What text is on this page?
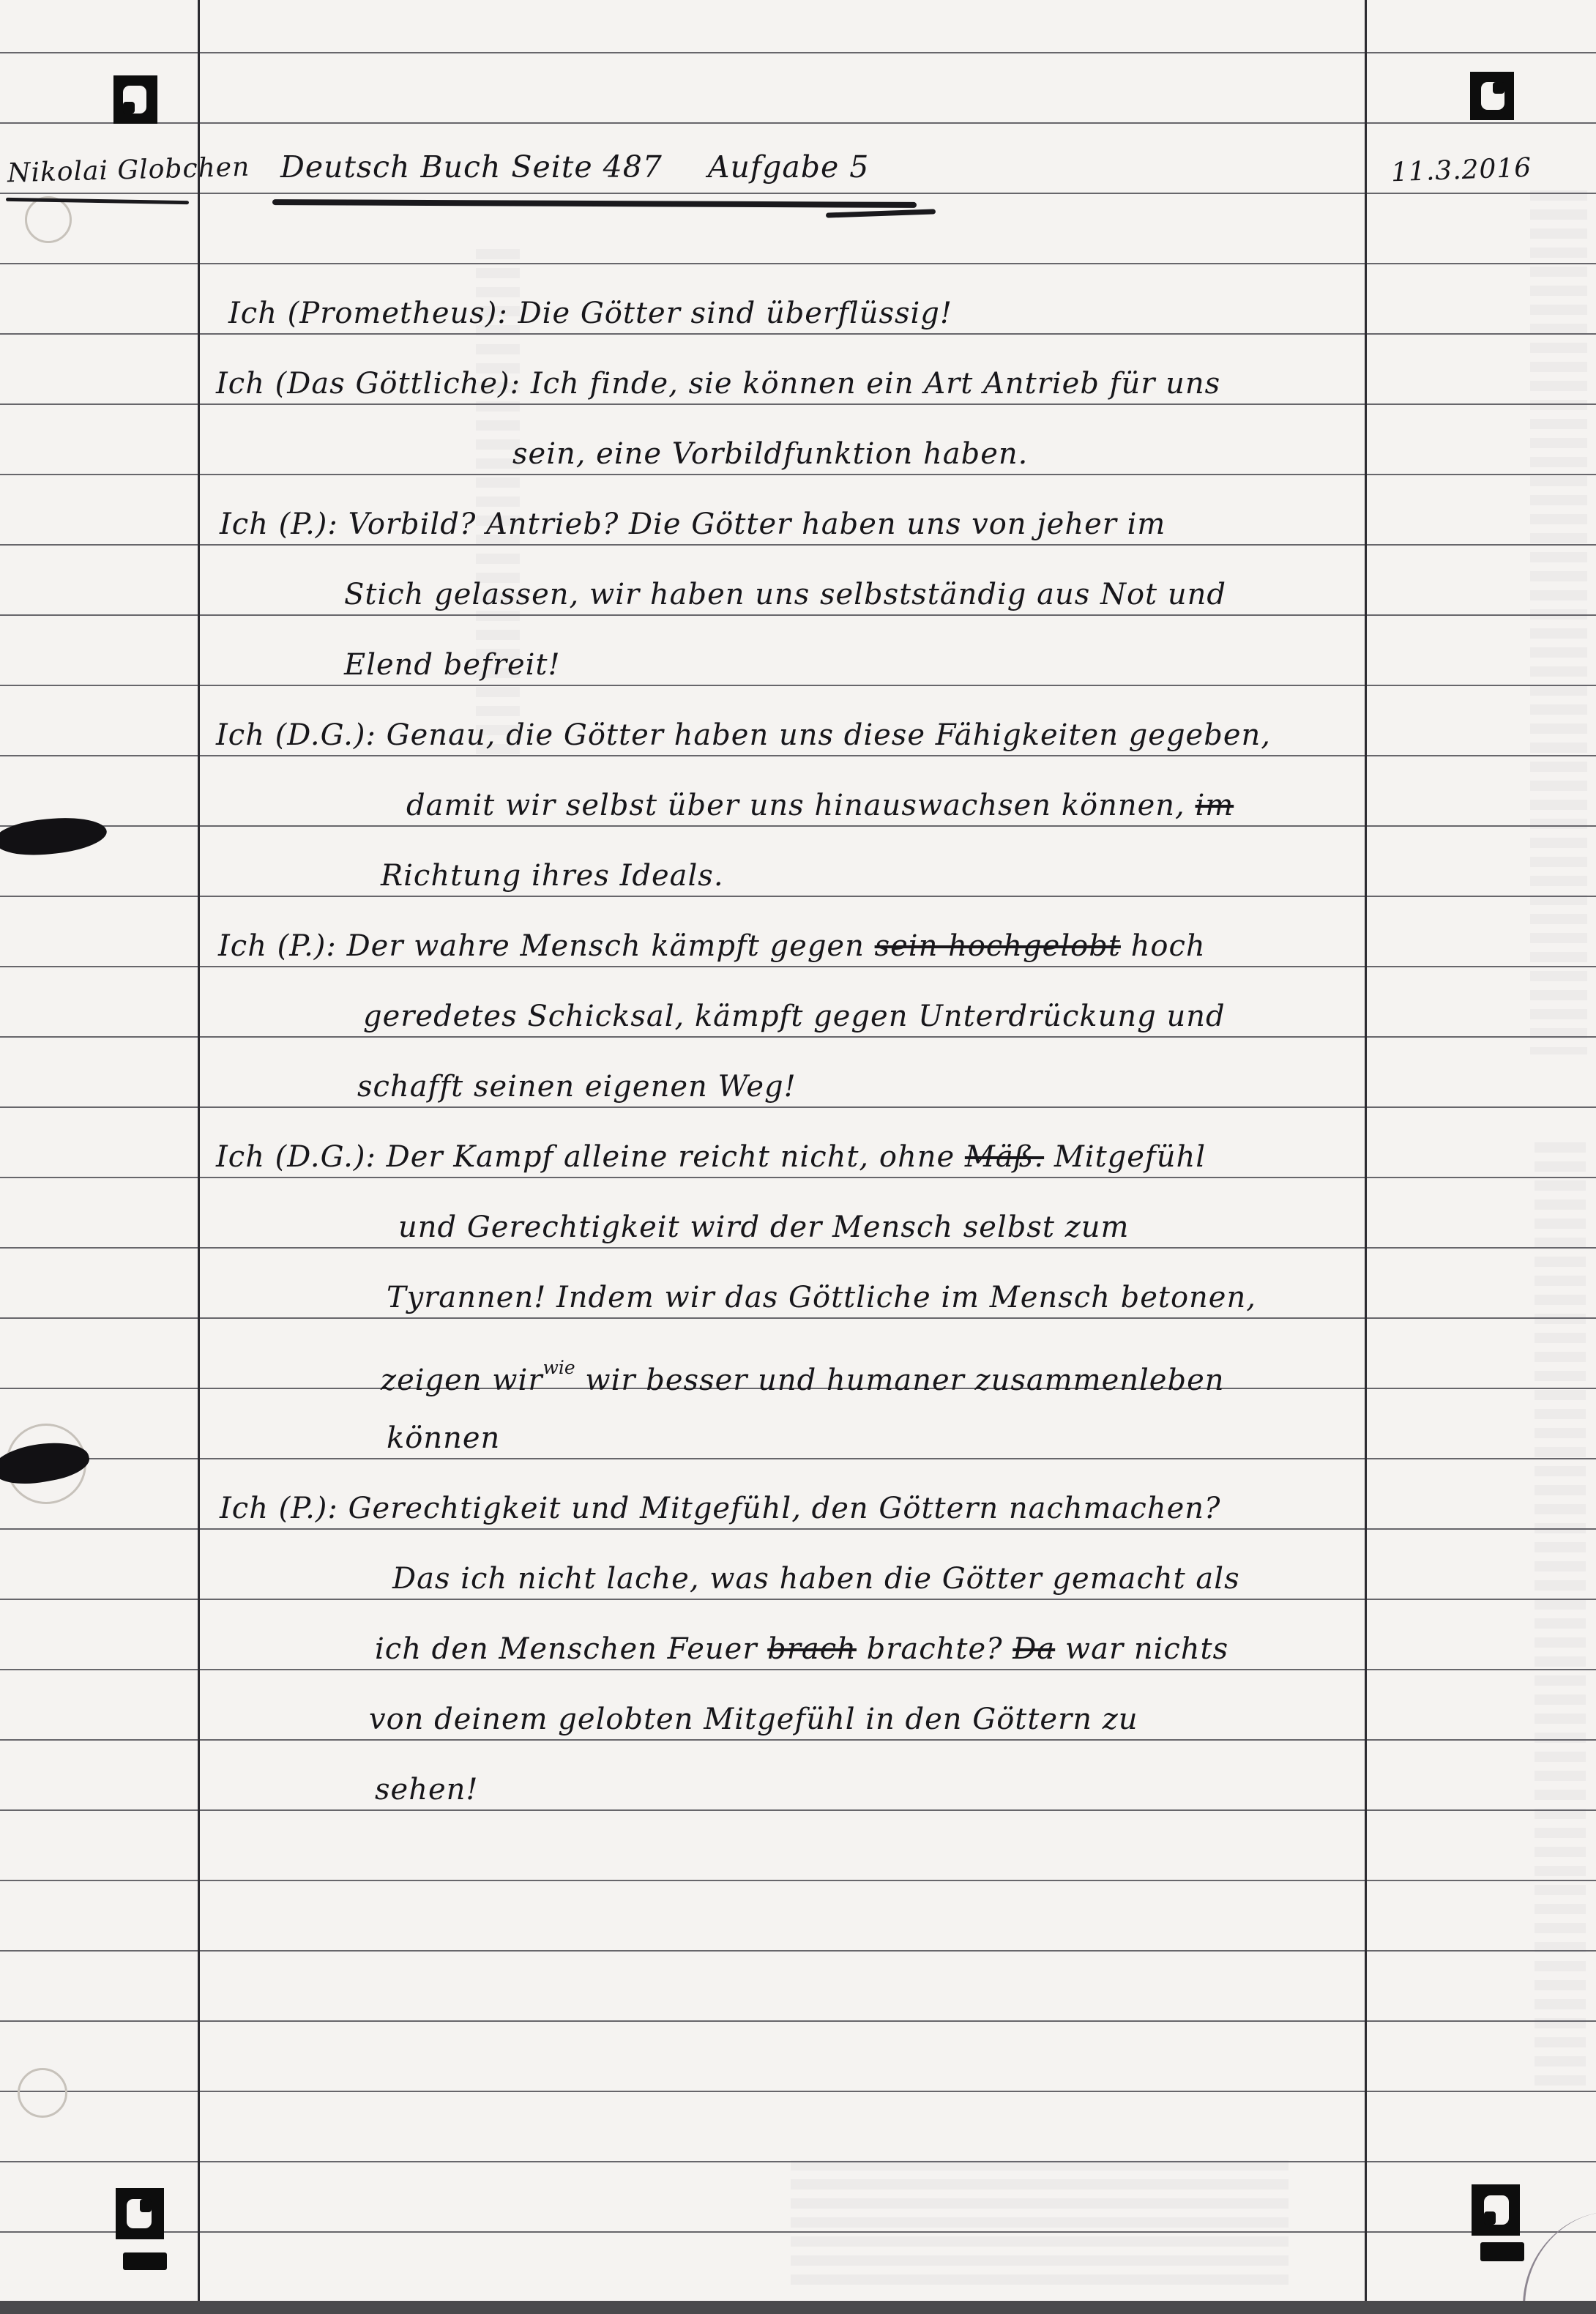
Nikolai Globchen Deutsch Buch Seite 487 Aufgabe 5	11.3.2016
Ich (Prometheus): Die Götter sind überflüssig!
Ich (Das Göttliche): Ich finde, sie können ein Art Antrieb für uns
sein, eine Vorbildfunktion haben.
Ich (P.): Vorbild? Antrieb? Die Götter haben uns von jeher im
Stich gelassen, wir haben uns selbstständig aus Not und
Elend befreit!
Ich (D.G.): Genau, die Götter haben uns diese Fähigkeiten gegeben,
damit wir selbst über uns hinauswachsen können, im
Richtung ihres Ideals.
Ich (P.): Der wahre Mensch kämpft gegen sein hochgelobt hoch
geredetes Schicksal, kämpft gegen Unterdrückung und
schafft seinen eigenen Weg!
Ich (D.G.): Der Kampf alleine reicht nicht, ohne Mäß. Mitgefühl
und Gerechtigkeit wird der Mensch selbst zum
Tyrannen! Indem wir das Göttliche im Mensch betonen,
zeigen wir$^{wie}$ wir besser und humaner zusammenleben
können
Ich (P.): Gerechtigkeit und Mitgefühl, den Göttern nachmachen?
Das ich nicht lache, was haben die Götter gemacht als
ich den Menschen Feuer brach brachte? Da war nichts
von deinem gelobten Mitgefühl in den Göttern zu
sehen!
